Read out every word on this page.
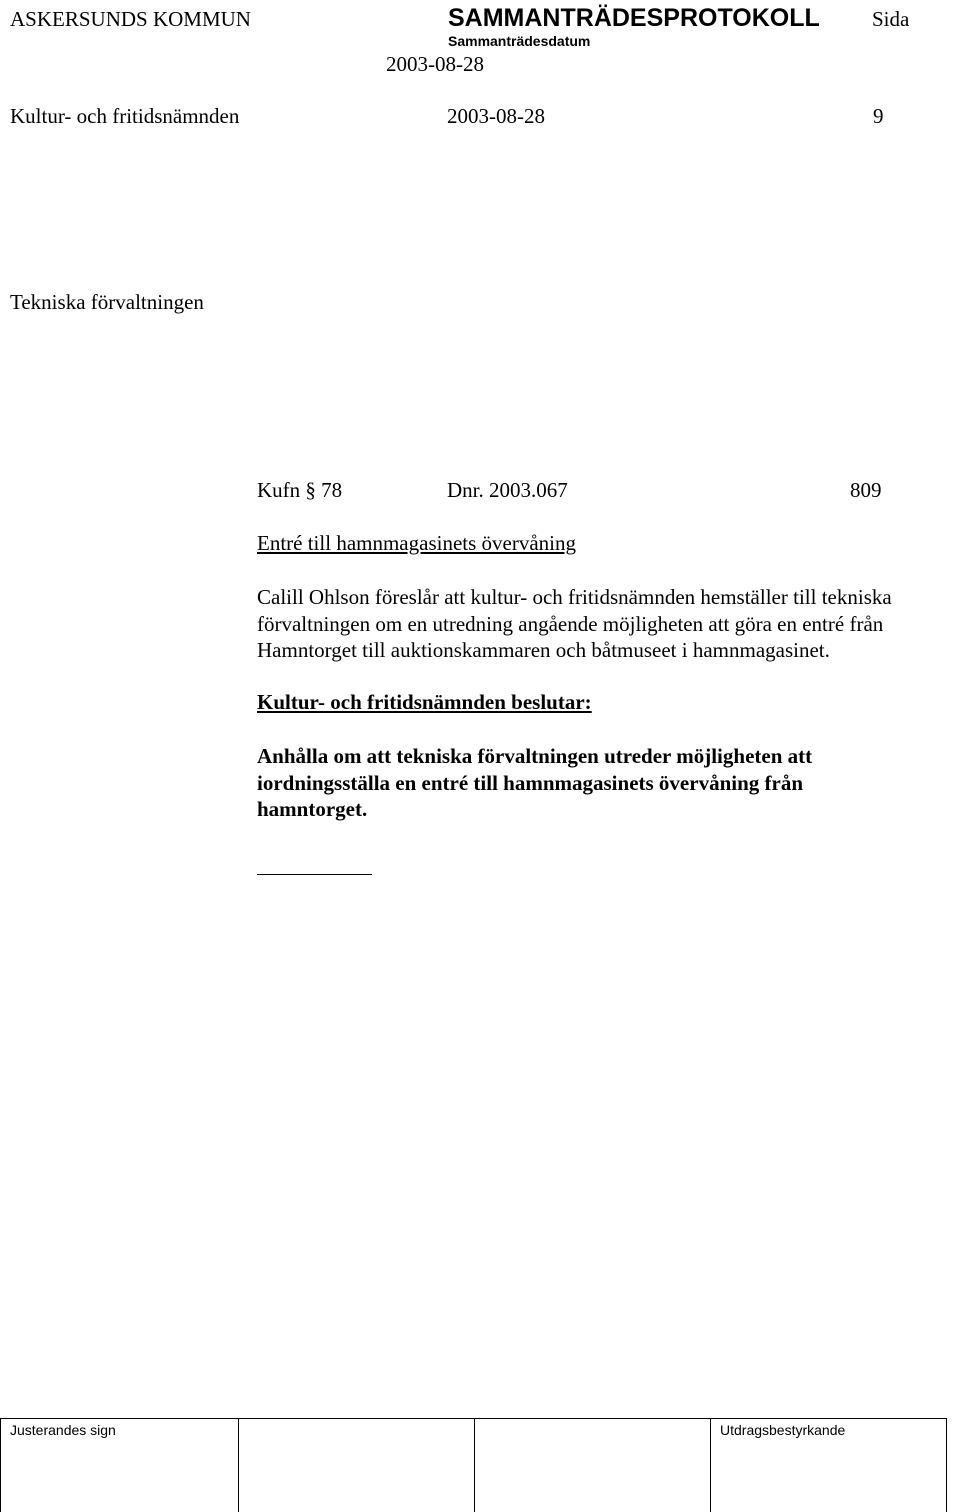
ASKERSUNDS KOMMUN	SAMMANTRÄDESPROTOKOLL Sida
Sammanträdesdatum
2003-08-28
Kultur- och fritidsnämnden	2003-08-28	9
Tekniska förvaltningen
Kufn § 78	Dnr. 2003.067	809
Entré till hamnmagasinets övervåning
Calill Ohlson föreslår att kultur- och fritidsnämnden hemställer till tekniska förvaltningen om en utredning angående möjligheten att göra en entré från Hamntorget till auktionskammaren och båtmuseet i hamnmagasinet.
Kultur- och fritidsnämnden beslutar:
Anhålla om att tekniska förvaltningen utreder möjligheten att iordningsställa en entré till hamnmagasinets övervåning från hamntorget.
Justerandes sign	Utdragsbestyrkande
